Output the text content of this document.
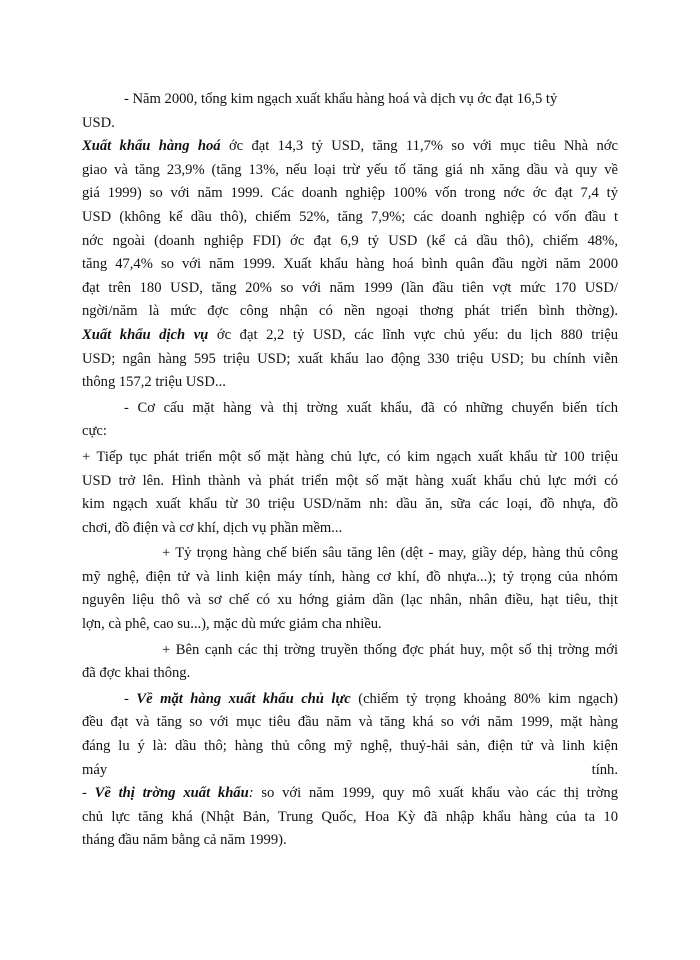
- Năm 2000, tổng kim ngạch xuất khẩu hàng hoá và dịch vụ ớc đạt 16,5 tỷ
USD.
Xuất khẩu hàng hoá ớc đạt 14,3 tỷ USD, tăng 11,7% so với mục tiêu Nhà nớc
giao và tăng 23,9% (tăng 13%, nếu loại trừ yếu tố tăng giá nh xăng dầu và quy về
giá 1999) so với năm 1999. Các doanh nghiệp 100% vốn trong nớc ớc đạt 7,4 tỷ
USD (không kể dầu thô), chiếm 52%, tăng 7,9%; các doanh nghiệp có vốn đầu t
nớc ngoài (doanh nghiệp FDI) ớc đạt 6,9 tỷ USD (kể cả dầu thô), chiếm 48%,
tăng 47,4% so với năm 1999. Xuất khẩu hàng hoá bình quân đầu ngời năm 2000
đạt trên 180 USD, tăng 20% so với năm 1999 (lần đầu tiên vợt mức 170 USD/
ngời/năm là mức đợc công nhận có nền ngoại thơng phát triển bình thờng).
Xuất khẩu dịch vụ ớc đạt 2,2 tỷ USD, các lĩnh vực chủ yếu: du lịch 880 triệu
USD; ngân hàng 595 triệu USD; xuất khẩu lao động 330 triệu USD; bu chính viễn
thông 157,2 triệu USD...
- Cơ cấu mặt hàng và thị trờng xuất khẩu, đã có những chuyển biến tích
cực:
+ Tiếp tục phát triển một số mặt hàng chủ lực, có kim ngạch xuất khẩu từ 100 triệu
USD trở lên. Hình thành và phát triển một số mặt hàng xuất khẩu chủ lực mới có
kim ngạch xuất khẩu từ 30 triệu USD/năm nh: dầu ăn, sữa các loại, đồ nhựa, đồ
chơi, đồ điện và cơ khí, dịch vụ phần mềm...
+ Tỷ trọng hàng chế biến sâu tăng lên (dệt - may, giầy dép, hàng thủ công
mỹ nghệ, điện tử và linh kiện máy tính, hàng cơ khí, đồ nhựa...); tỷ trọng của nhóm
nguyên liệu thô và sơ chế có xu hớng giảm dần (lạc nhân, nhân điều, hạt tiêu, thịt
lợn, cà phê, cao su...), mặc dù mức giảm cha nhiều.
+ Bên cạnh các thị trờng truyền thống đợc phát huy, một số thị trờng mới
đã đợc khai thông.
- Về mặt hàng xuất khẩu chủ lực (chiếm tỷ trọng khoảng 80% kim ngạch)
đều đạt và tăng so với mục tiêu đầu năm và tăng khá so với năm 1999, mặt hàng
đáng lu ý là: dầu thô; hàng thủ công mỹ nghệ, thuỷ-hải sản, điện tử và linh kiện
máy	tính.
- Về thị trờng xuất khẩu: so với năm 1999, quy mô xuất khẩu vào các thị trờng
chủ lực tăng khá (Nhật Bản, Trung Quốc, Hoa Kỳ đã nhập khẩu hàng của ta 10
tháng đầu năm bằng cả năm 1999).
